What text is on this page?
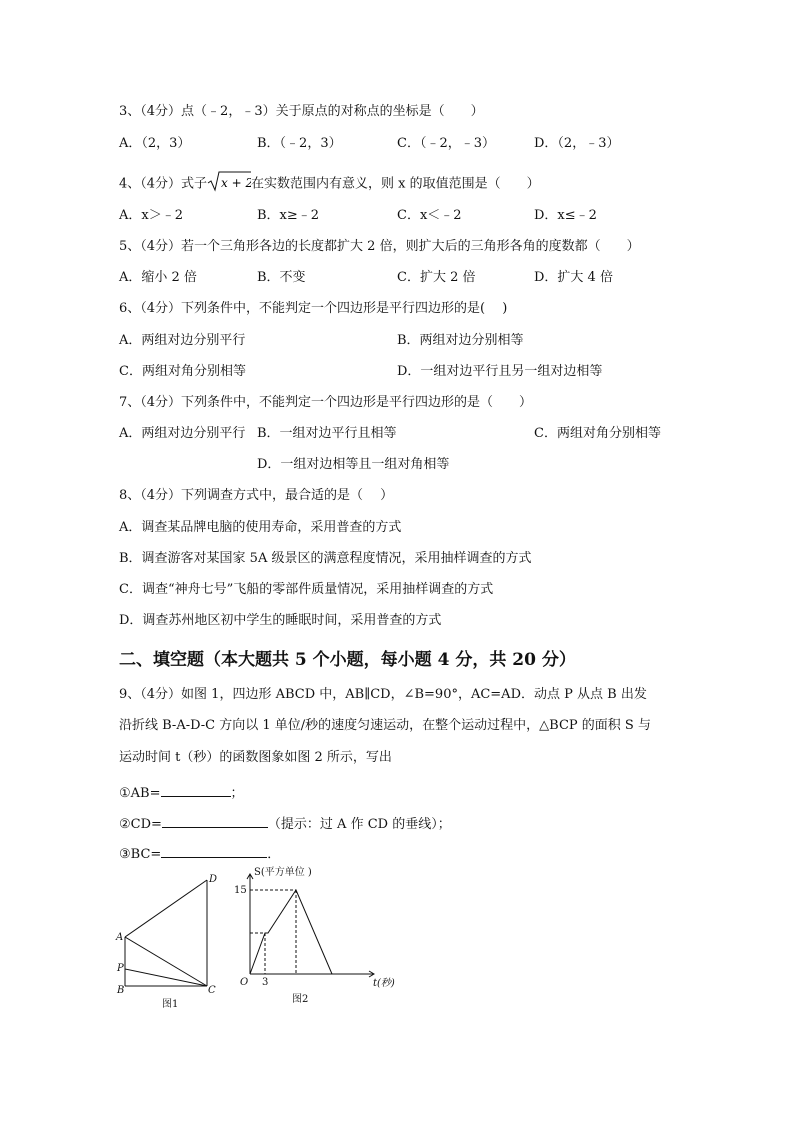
3、（4分）点（﹣2，﹣3）关于原点的对称点的坐标是（　　）
A．（2，3）	B．（﹣2，3）	C．（﹣2，﹣3）	D．（2，﹣3）
4、（4分）式子 x + 2
在实数范围内有意义，则 x 的取值范围是（　　）
A．x＞﹣2	B．x≥﹣2	C．x＜﹣2	D．x≤﹣2
5、（4分）若一个三角形各边的长度都扩大 2 倍，则扩大后的三角形各角的度数都（　　）
A．缩小 2 倍	B．不变	C．扩大 2 倍	D．扩大 4 倍
6、（4分）下列条件中，不能判定一个四边形是平行四边形的是(　 )
A．两组对边分别平行	B．两组对边分别相等
C．两组对角分别相等	D．一组对边平行且另一组对边相等
7、（4分）下列条件中，不能判定一个四边形是平行四边形的是（　　）
A．两组对边分别平行 B．一组对边平行且相等	C．两组对角分别相等
D．一组对边相等且一组对角相等
8、（4分）下列调查方式中，最合适的是（　 ）
A．调查某品牌电脑的使用寿命，采用普查的方式
B．调查游客对某国家 5A 级景区的满意程度情况，采用抽样调查的方式
C．调查“神舟七号”飞船的零部件质量情况，采用抽样调查的方式
D．调查苏州地区初中学生的睡眠时间，采用普查的方式
二、填空题（本大题共 5 个小题，每小题 4 分，共 20 分）
9、（4分）如图 1，四边形 ABCD 中，AB∥CD，∠B=90°，AC=AD．动点 P 从点 B 出发
沿折线 B-A-D-C 方向以 1 单位/秒的速度匀速运动，在整个运动过程中，△BCP 的面积 S 与
运动时间 t（秒）的函数图象如图 2 所示，写出
①AB=	；
②CD=	（提示：过 A 作 CD 的垂线）；
③BC=	．
D
A
P
B	C
图1
S(平方单位 )
15
O 3	t(秒)
图2
